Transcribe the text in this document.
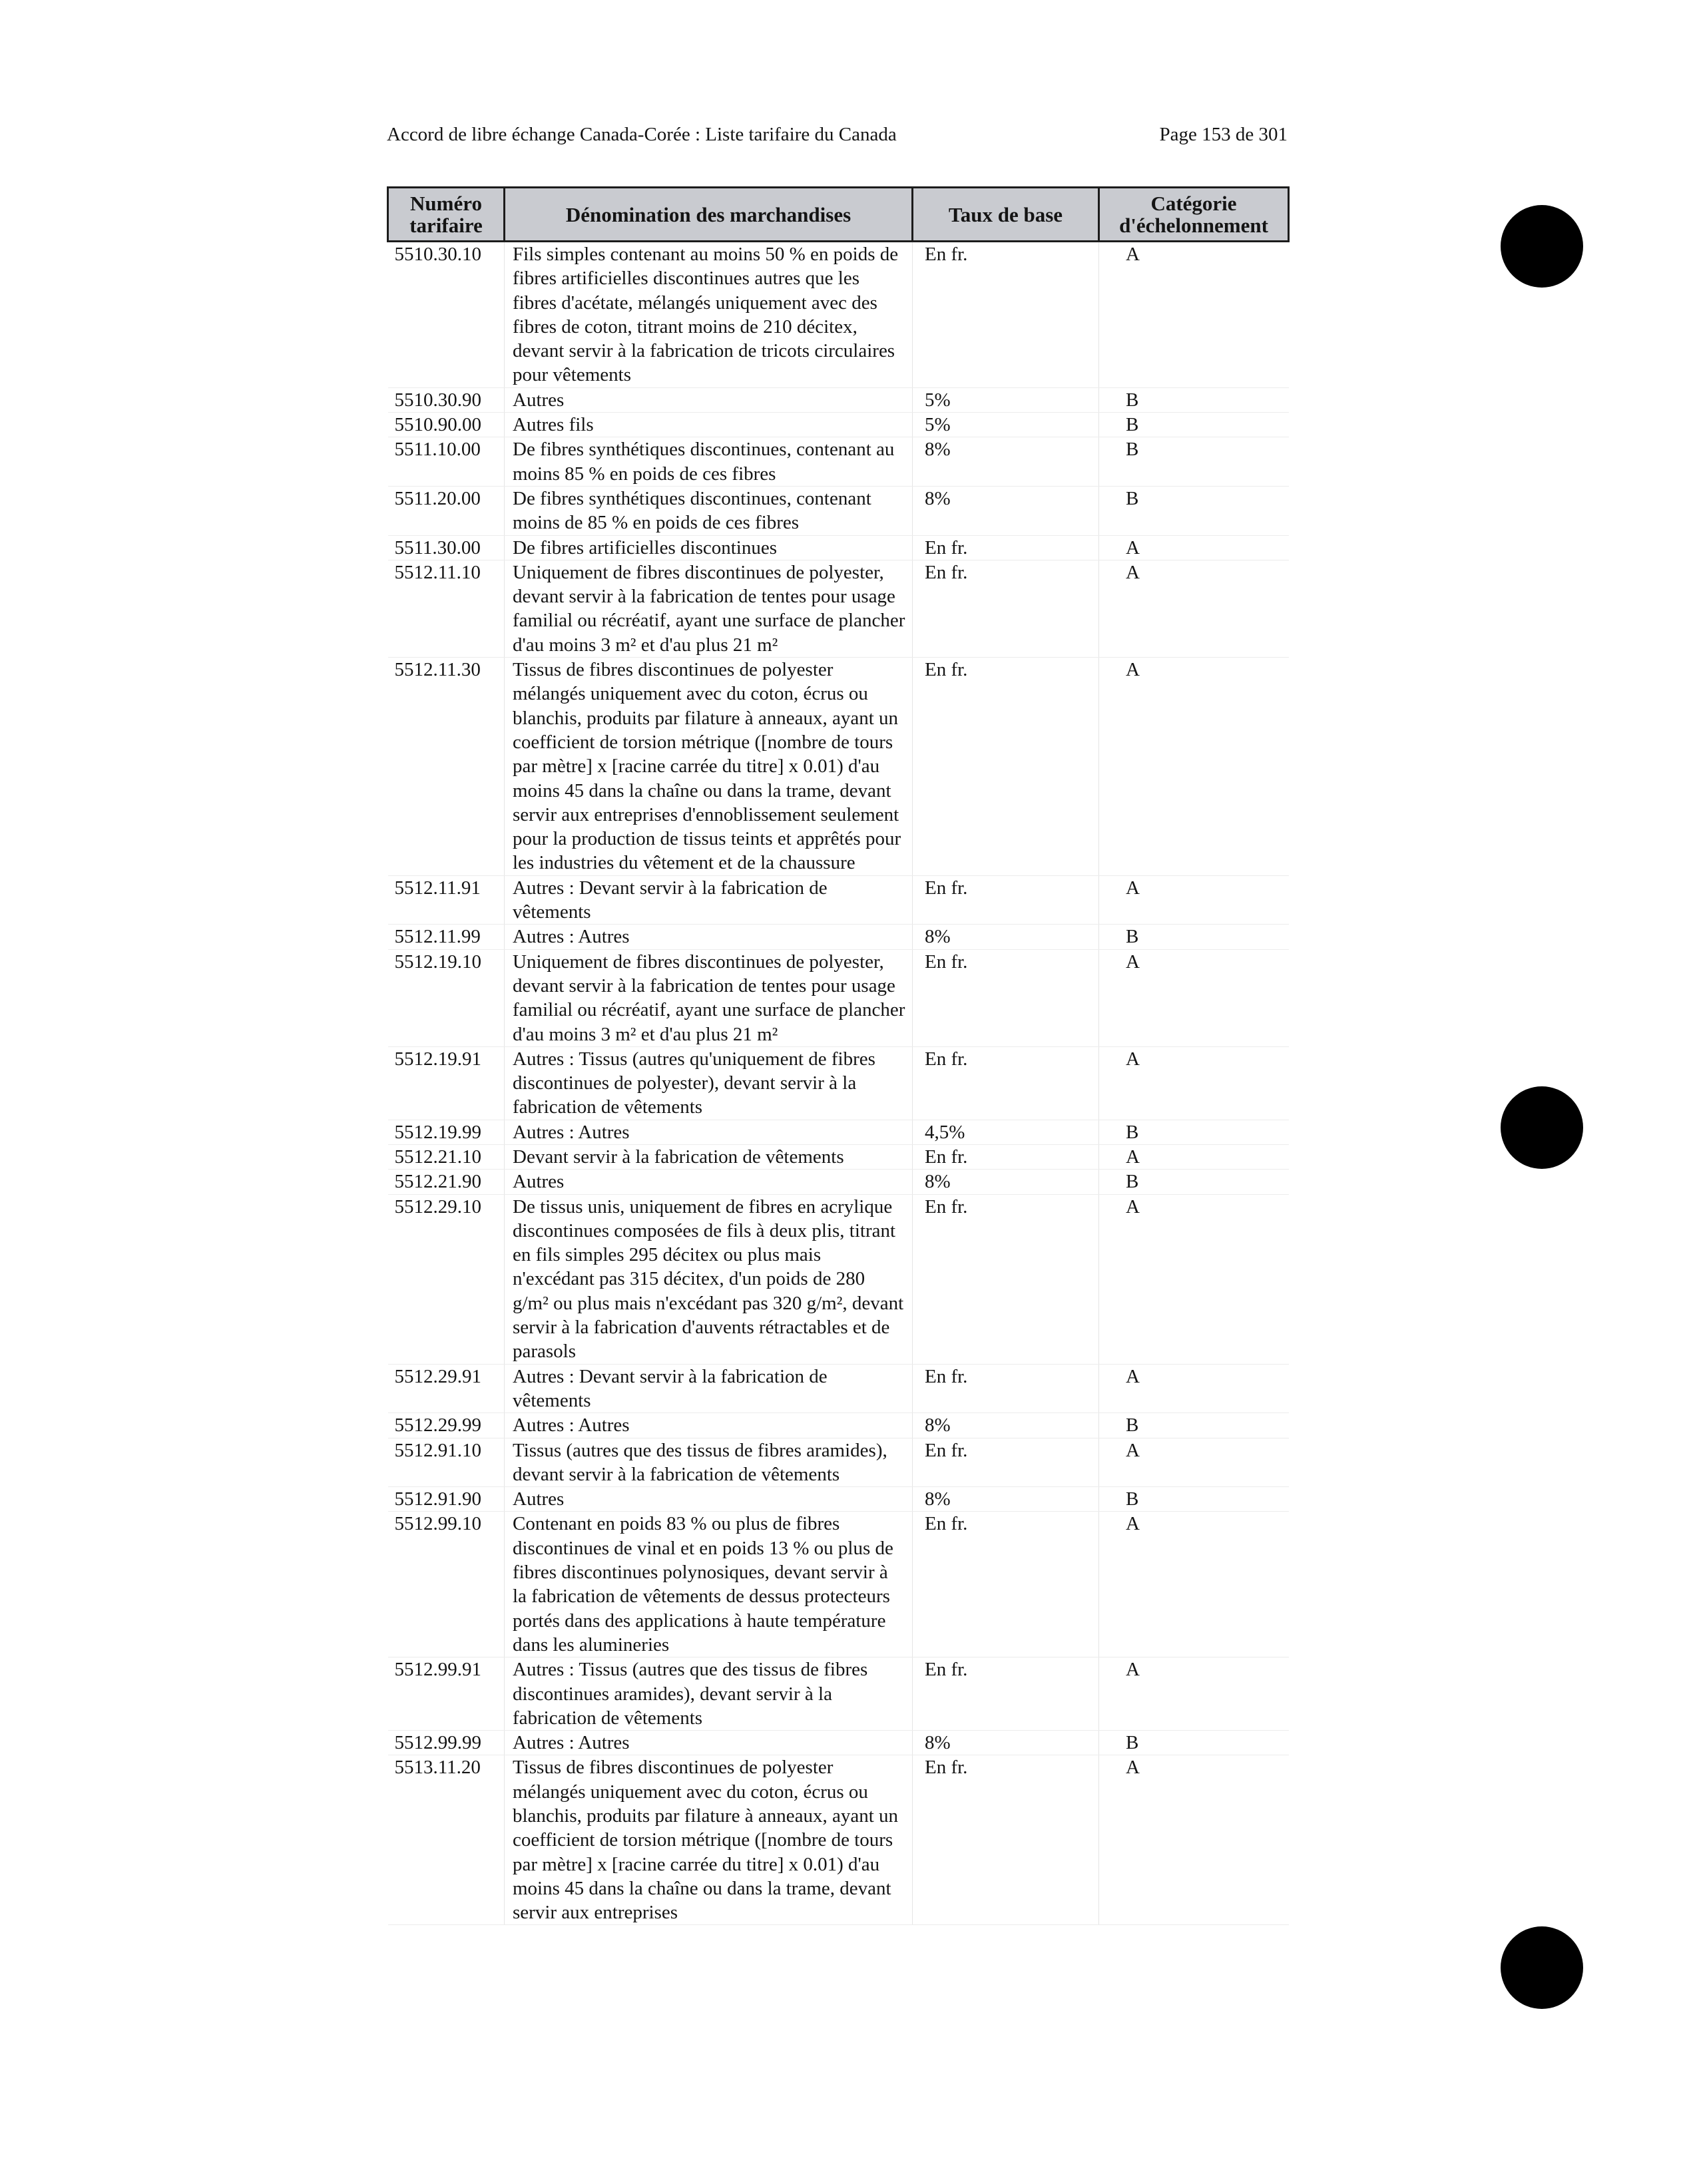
Accord de libre échange Canada-Corée : Liste tarifaire du Canada	Page 153 de 301
Numéro tarifaire	Dénomination des marchandises	Taux de base	Catégorie d'échelonnement
5510.30.10	Fils simples contenant au moins 50 % en poids de fibres artificielles discontinues autres que les fibres d'acétate, mélangés uniquement avec des fibres de coton, titrant moins de 210 décitex, devant servir à la fabrication de tricots circulaires pour vêtements	En fr.	A
5510.30.90	Autres	5%	B
5510.90.00	Autres fils	5%	B
5511.10.00	De fibres synthétiques discontinues, contenant au moins 85 % en poids de ces fibres	8%	B
5511.20.00	De fibres synthétiques discontinues, contenant moins de 85 % en poids de ces fibres	8%	B
5511.30.00	De fibres artificielles discontinues	En fr.	A
5512.11.10	Uniquement de fibres discontinues de polyester, devant servir à la fabrication de tentes pour usage familial ou récréatif, ayant une surface de plancher d'au moins 3 m² et d'au plus 21 m²	En fr.	A
5512.11.30	Tissus de fibres discontinues de polyester mélangés uniquement avec du coton, écrus ou blanchis, produits par filature à anneaux, ayant un coefficient de torsion métrique ([nombre de tours par mètre] x [racine carrée du titre] x 0.01) d'au moins 45 dans la chaîne ou dans la trame, devant servir aux entreprises d'ennoblissement seulement pour la production de tissus teints et apprêtés pour les industries du vêtement et de la chaussure	En fr.	A
5512.11.91	Autres : Devant servir à la fabrication de vêtements	En fr.	A
5512.11.99	Autres : Autres	8%	B
5512.19.10	Uniquement de fibres discontinues de polyester, devant servir à la fabrication de tentes pour usage familial ou récréatif, ayant une surface de plancher d'au moins 3 m² et d'au plus 21 m²	En fr.	A
5512.19.91	Autres : Tissus (autres qu'uniquement de fibres discontinues de polyester), devant servir à la fabrication de vêtements	En fr.	A
5512.19.99	Autres : Autres	4,5%	B
5512.21.10	Devant servir à la fabrication de vêtements	En fr.	A
5512.21.90	Autres	8%	B
5512.29.10	De tissus unis, uniquement de fibres en acrylique discontinues composées de fils à deux plis, titrant en fils simples 295 décitex ou plus mais n'excédant pas 315 décitex, d'un poids de 280 g/m² ou plus mais n'excédant pas 320 g/m², devant servir à la fabrication d'auvents rétractables et de parasols	En fr.	A
5512.29.91	Autres : Devant servir à la fabrication de vêtements	En fr.	A
5512.29.99	Autres : Autres	8%	B
5512.91.10	Tissus (autres que des tissus de fibres aramides), devant servir à la fabrication de vêtements	En fr.	A
5512.91.90	Autres	8%	B
5512.99.10	Contenant en poids 83 % ou plus de fibres discontinues de vinal et en poids 13 % ou plus de fibres discontinues polynosiques, devant servir à la fabrication de vêtements de dessus protecteurs portés dans des applications à haute température dans les alumineries	En fr.	A
5512.99.91	Autres : Tissus (autres que des tissus de fibres discontinues aramides), devant servir à la fabrication de vêtements	En fr.	A
5512.99.99	Autres : Autres	8%	B
5513.11.20	Tissus de fibres discontinues de polyester mélangés uniquement avec du coton, écrus ou blanchis, produits par filature à anneaux, ayant un coefficient de torsion métrique ([nombre de tours par mètre] x [racine carrée du titre] x 0.01) d'au moins 45 dans la chaîne ou dans la trame, devant servir aux entreprises	En fr.	A
